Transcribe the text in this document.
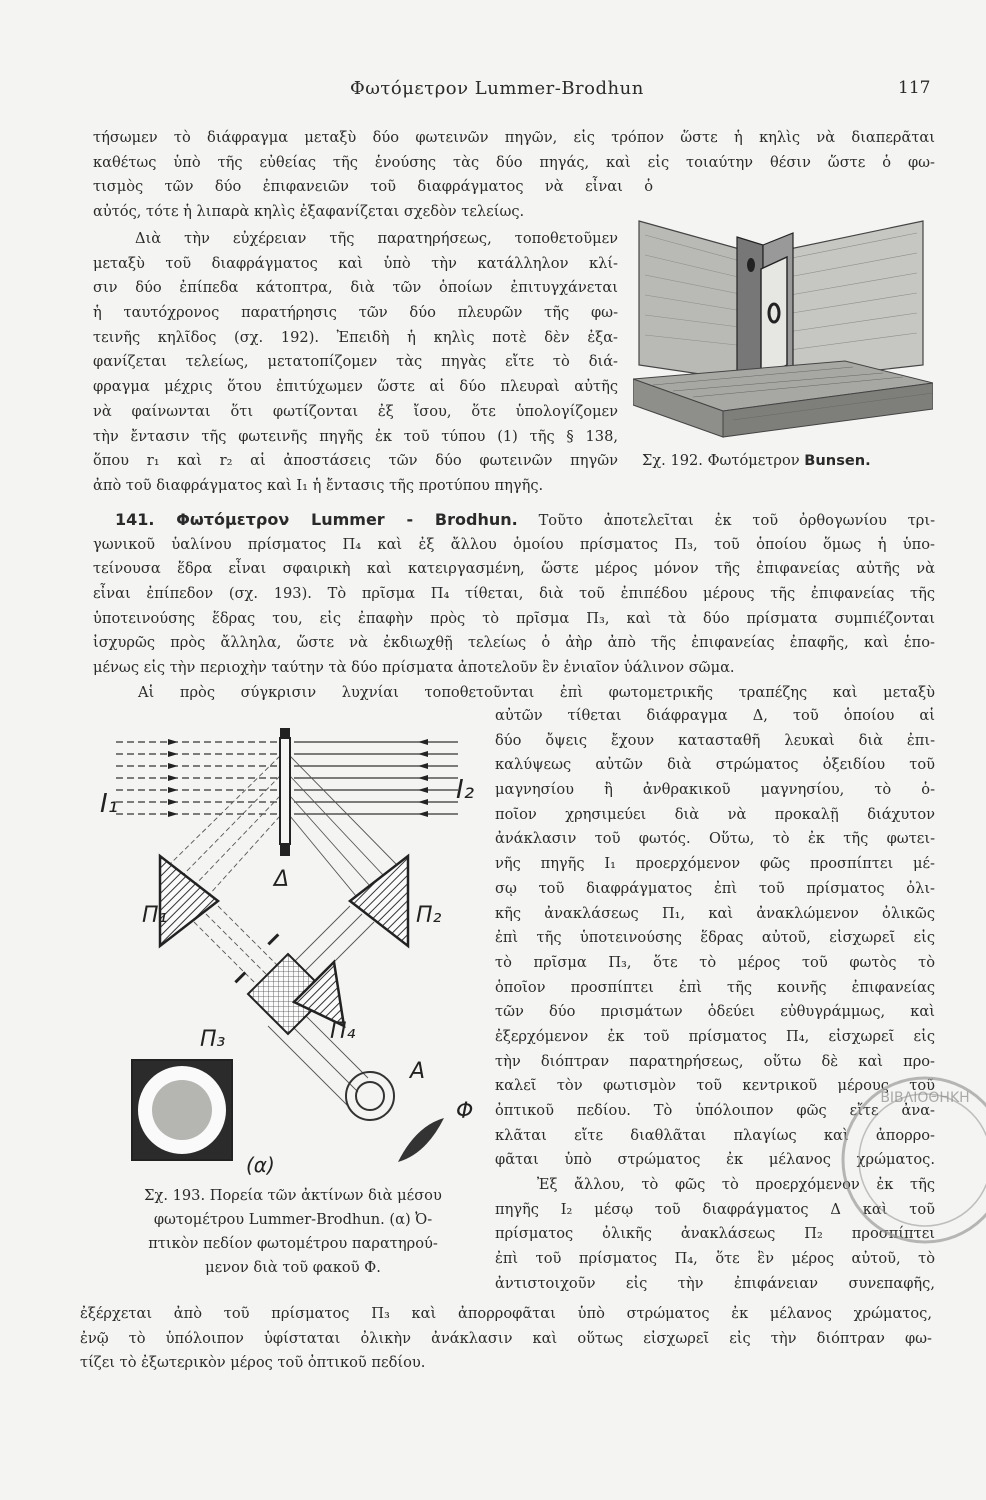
Φωτόμετρον Lummer-Brodhun	117
τήσωμεν τὸ διάφραγμα μεταξὺ δύο φωτεινῶν πηγῶν, εἰς τρόπον ὥστε ἡ κηλὶς νὰ διαπερᾶται
καθέτως ὑπὸ τῆς εὐθείας τῆς ἑνούσης τὰς δύο πηγάς, καὶ εἰς τοιαύτην θέσιν ὥστε ὁ φω-
τισμὸς τῶν δύο ἐπιφανειῶν τοῦ διαφράγματος νὰ εἶναι ὁ
αὐτός, τότε ἡ λιπαρὰ κηλὶς ἐξαφανίζεται σχεδὸν τελείως.
Διὰ τὴν εὐχέρειαν τῆς παρατηρήσεως, τοποθετοῦμεν
μεταξὺ τοῦ διαφράγματος καὶ ὑπὸ τὴν κατάλληλον κλί-
σιν δύο ἐπίπεδα κάτοπτρα, διὰ τῶν ὁποίων ἐπιτυγχάνεται
ἡ ταυτόχρονος παρατήρησις τῶν δύο πλευρῶν τῆς φω-
τεινῆς κηλῖδος (σχ. 192). Ἐπειδὴ ἡ κηλὶς ποτὲ δὲν ἐξα-
φανίζεται τελείως, μετατοπίζομεν τὰς πηγὰς εἴτε τὸ διά-
φραγμα μέχρις ὅτου ἐπιτύχωμεν ὥστε αἱ δύο πλευραὶ αὐτῆς
νὰ φαίνωνται ὅτι φωτίζονται ἐξ ἴσου, ὅτε ὑπολογίζομεν
τὴν ἔντασιν τῆς φωτεινῆς πηγῆς ἐκ τοῦ τύπου (1) τῆς § 138,
ὅπου r₁ καὶ r₂ αἱ ἀποστάσεις τῶν δύο φωτεινῶν πηγῶν
ἀπὸ τοῦ διαφράγματος καὶ I₁ ἡ ἔντασις τῆς προτύπου πηγῆς.
Σχ. 192. Φωτόμετρον Bunsen.
141. Φωτόμετρον Lummer - Brodhun. Τοῦτο ἀποτελεῖται ἐκ τοῦ ὀρθογωνίου τρι-
γωνικοῦ ὑαλίνου πρίσματος Π₄ καὶ ἐξ ἄλλου ὁμοίου πρίσματος Π₃, τοῦ ὁποίου ὅμως ἡ ὑπο-
τείνουσα ἕδρα εἶναι σφαιρικὴ καὶ κατειργασμένη, ὥστε μέρος μόνον τῆς ἐπιφανείας αὐτῆς νὰ
εἶναι ἐπίπεδον (σχ. 193). Τὸ πρῖσμα Π₄ τίθεται, διὰ τοῦ ἐπιπέδου μέρους τῆς ἐπιφανείας τῆς
ὑποτεινούσης ἕδρας του, εἰς ἐπαφὴν πρὸς τὸ πρῖσμα Π₃, καὶ τὰ δύο πρίσματα συμπιέζονται
ἰσχυρῶς πρὸς ἄλληλα, ὥστε νὰ ἐκδιωχθῇ τελείως ὁ ἀὴρ ἀπὸ τῆς ἐπιφανείας ἐπαφῆς, καὶ ἑπο-
μένως εἰς τὴν περιοχὴν ταύτην τὰ δύο πρίσματα ἀποτελοῦν ἓν ἑνιαῖον ὑάλινον σῶμα.
Αἱ πρὸς σύγκρισιν λυχνίαι τοποθετοῦνται ἐπὶ φωτομετρικῆς τραπέζης καὶ μεταξὺ
αὐτῶν τίθεται διάφραγμα Δ, τοῦ ὁποίου αἱ
δύο ὄψεις ἔχουν κατασταθῆ λευκαὶ διὰ ἐπι-
καλύψεως αὐτῶν διὰ στρώματος ὀξειδίου τοῦ
μαγνησίου ἢ ἀνθρακικοῦ μαγνησίου, τὸ ὁ-
ποῖον χρησιμεύει διὰ νὰ προκαλῇ διάχυτον
ἀνάκλασιν τοῦ φωτός. Οὕτω, τὸ ἐκ τῆς φωτει-
νῆς πηγῆς I₁ προερχόμενον φῶς προσπίπτει μέ-
σῳ τοῦ διαφράγματος ἐπὶ τοῦ πρίσματος ὀλι-
κῆς ἀνακλάσεως Π₁, καὶ ἀνακλώμενον ὀλικῶς
ἐπὶ τῆς ὑποτεινούσης ἕδρας αὐτοῦ, εἰσχωρεῖ εἰς
τὸ πρῖσμα Π₃, ὅτε τὸ μέρος τοῦ φωτὸς τὸ
ὁποῖον προσπίπτει ἐπὶ τῆς κοινῆς ἐπιφανείας
τῶν δύο πρισμάτων ὁδεύει εὐθυγράμμως, καὶ
ἐξερχόμενον ἐκ τοῦ πρίσματος Π₄, εἰσχωρεῖ εἰς
τὴν διόπτραν παρατηρήσεως, οὕτω δὲ καὶ προ-
καλεῖ τὸν φωτισμὸν τοῦ κεντρικοῦ μέρους τοῦ
ὀπτικοῦ πεδίου. Τὸ ὑπόλοιπον φῶς εἴτε ἀνα-
κλᾶται εἴτε διαθλᾶται πλαγίως καὶ ἀπορρο-
φᾶται ὑπὸ στρώματος ἐκ μέλανος χρώματος.
Ἐξ ἄλλου, τὸ φῶς τὸ προερχόμενον ἐκ τῆς
πηγῆς I₂ μέσῳ τοῦ διαφράγματος Δ καὶ τοῦ
πρίσματος ὀλικῆς ἀνακλάσεως Π₂ προσπίπτει
ἐπὶ τοῦ πρίσματος Π₄, ὅτε ἓν μέρος αὐτοῦ, τὸ
ἀντιστοιχοῦν εἰς τὴν ἐπιφάνειαν συνεπαφῆς,
I₁	I₂
Δ
Π₁	Π₂
Π₃	Π₄
A
Φ
(α)
Σχ. 193. Πορεία τῶν ἀκτίνων διὰ μέσου
φωτομέτρου Lummer-Brodhun. (α) Ὀ-
πτικὸν πεδίον φωτομέτρου παρατηρού-
μενον διὰ τοῦ φακοῦ Φ.
ἐξέρχεται ἀπὸ τοῦ πρίσματος Π₃ καὶ ἀπορροφᾶται ὑπὸ στρώματος ἐκ μέλανος χρώματος,
ἐνῷ τὸ ὑπόλοιπον ὑφίσταται ὀλικὴν ἀνάκλασιν καὶ οὕτως εἰσχωρεῖ εἰς τὴν διόπτραν φω-
τίζει τὸ ἐξωτερικὸν μέρος τοῦ ὀπτικοῦ πεδίου.
ΒΙΒΛΙΟΘΗΚΗ
